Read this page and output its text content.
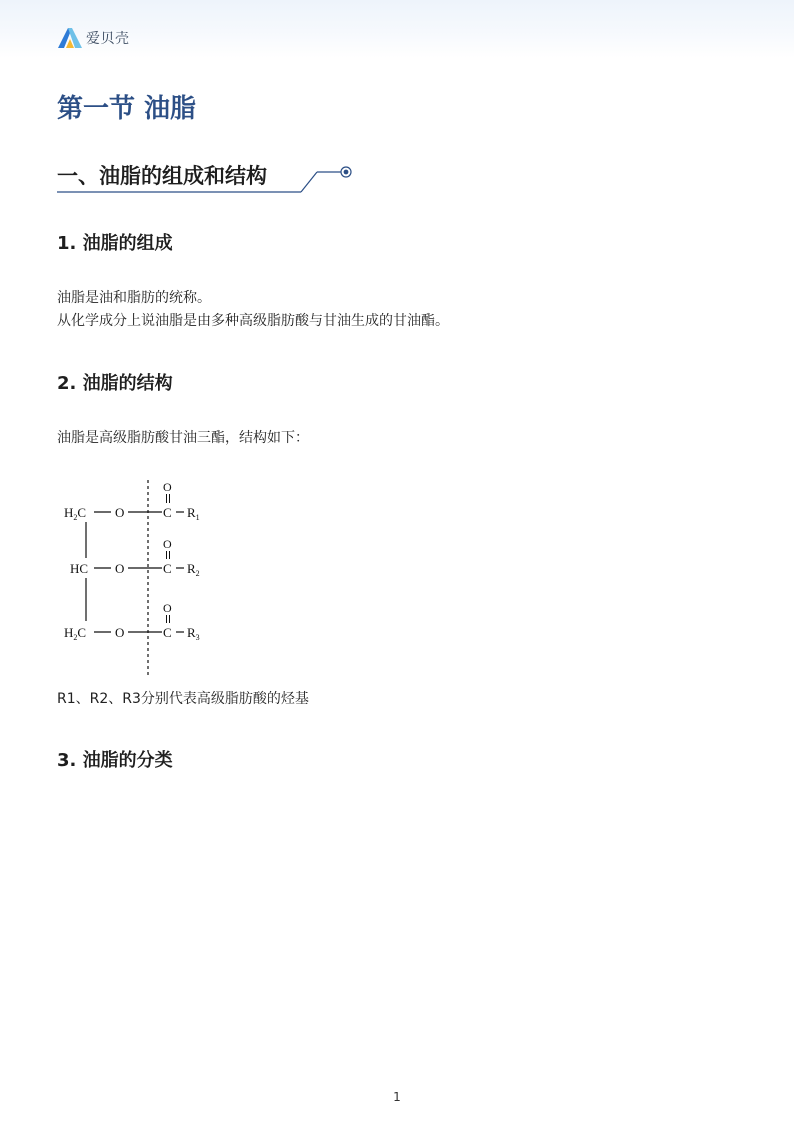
爱贝壳
第一节 油脂
一、油脂的组成和结构
1. 油脂的组成

油脂是油和脂肪的统称。

从化学成分上说油脂是由多种高级脂肪酸与甘油生成的甘油酯。

2. 油脂的结构

油脂是高级脂肪酸甘油三酯，结构如下：

$H_2C$ O
O
C $R_1$
HC O
O
C $R_2$
$H_2C$ O
O
C $R_3$

R1、R2、R3分别代表高级脂肪酸的烃基

3. 油脂的分类
1
